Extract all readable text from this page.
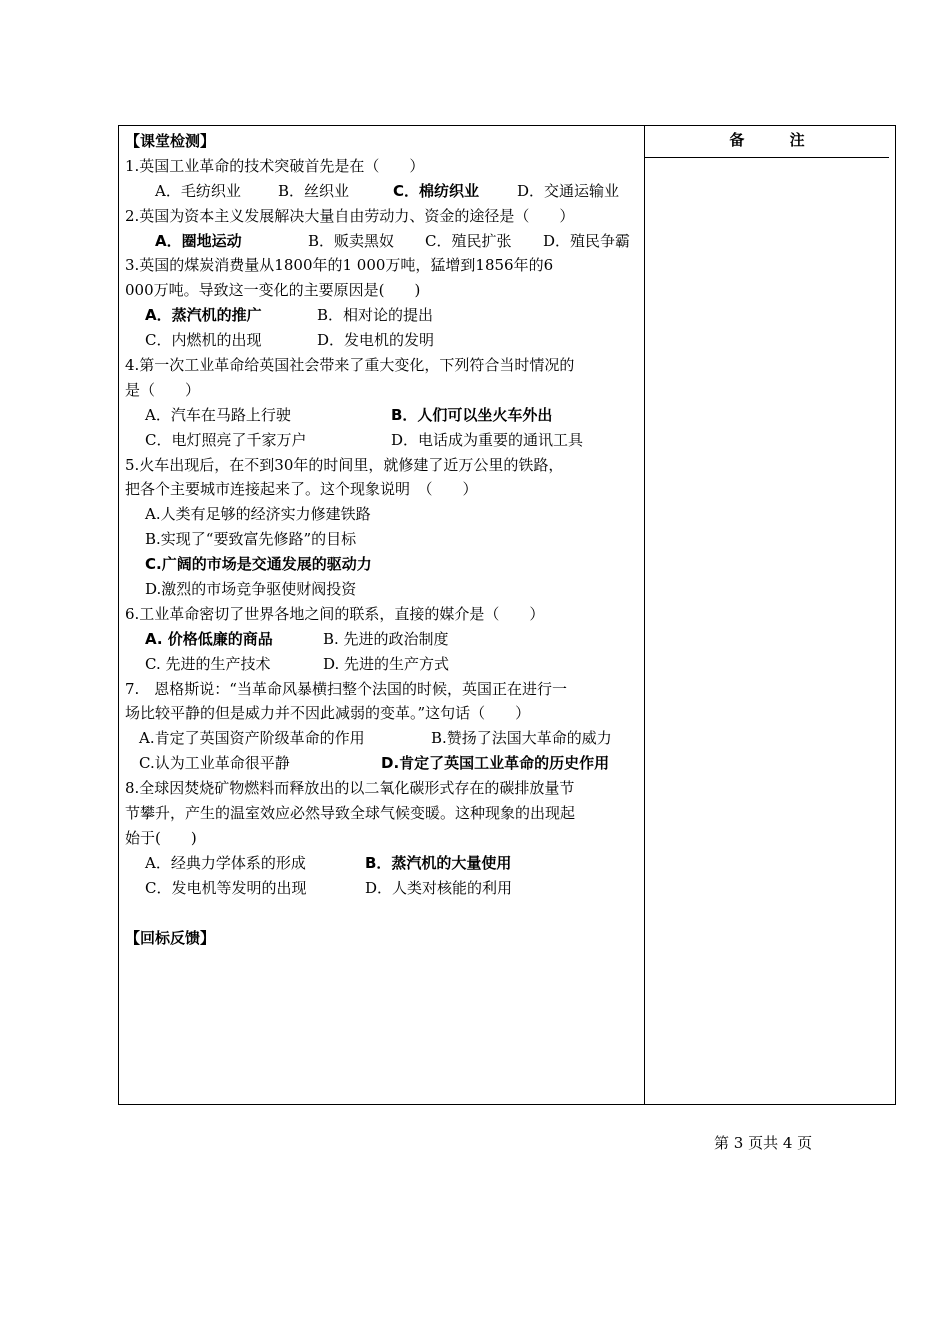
备 注
【课堂检测】
1.英国工业革命的技术突破首先是在（　　）
A．毛纺织业 B．丝织业	C．棉纺织业	D．交通运输业
2.英国为资本主义发展解决大量自由劳动力、资金的途径是（　　）
A．圈地运动	B．贩卖黑奴 C．殖民扩张 D．殖民争霸
3.英国的煤炭消费量从1800年的1 000万吨，猛增到1856年的6
000万吨。导致这一变化的主要原因是(　　)
A．蒸汽机的推广	B．相对论的提出
C．内燃机的出现	D．发电机的发明
4.第一次工业革命给英国社会带来了重大变化，下列符合当时情况的
是（　　）
A．汽车在马路上行驶	B．人们可以坐火车外出
C．电灯照亮了千家万户	D．电话成为重要的通讯工具
5.火车出现后，在不到30年的时间里，就修建了近万公里的铁路，
把各个主要城市连接起来了。这个现象说明　（　　）
A.人类有足够的经济实力修建铁路
B.实现了“要致富先修路”的目标
C.广阔的市场是交通发展的驱动力
D.激烈的市场竞争驱使财阀投资
6.工业革命密切了世界各地之间的联系，直接的媒介是（　　）
A. 价格低廉的商品	B. 先进的政治制度
C. 先进的生产技术	D. 先进的生产方式
7.　恩格斯说：“当革命风暴横扫整个法国的时候，英国正在进行一
场比较平静的但是威力并不因此减弱的变革。”这句话（　　）
A.肯定了英国资产阶级革命的作用	B.赞扬了法国大革命的威力
C.认为工业革命很平静	D.肯定了英国工业革命的历史作用
8.全球因焚烧矿物燃料而释放出的以二氧化碳形式存在的碳排放量节
节攀升，产生的温室效应必然导致全球气候变暖。这种现象的出现起
始于(　　)
A．经典力学体系的形成	B．蒸汽机的大量使用
C．发电机等发明的出现	D．人类对核能的利用
【回标反馈】
第 3 页共 4 页
